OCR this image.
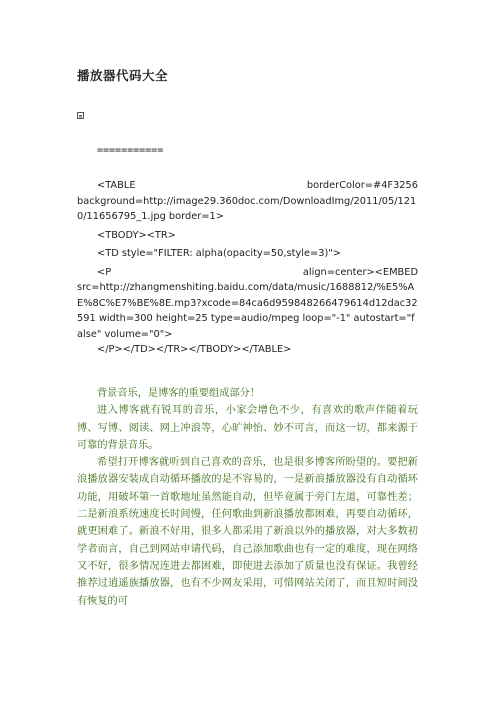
播放器代码大全
===========

<TABLE	borderColor=#4F3256

background=http://image29.360doc.com/DownloadImg/2011/05/1210/11656795_1.jpg border=1>

<TBODY><TR>

<TD style="FILTER: alpha(opacity=50,style=3)">

<P	align=center><EMBED

src=http://zhangmenshiting.baidu.com/data/music/1688812/%E5%AE%8C%E7%BE%8E.mp3?xcode=84ca6d959848266479614d12dac32591 width=300 height=25 type=audio/mpeg loop="-1" autostart="false" volume="0">

</P></TD></TR></TBODY></TABLE>

背景音乐，是博客的重要组成部分！

进入博客就有锐耳的音乐，小家会增色不少，有喜欢的歌声伴随着玩博、写博、阅读、网上冲浪等，心旷神怡、妙不可言，而这一切，都来源于可靠的背景音乐。

希望打开博客就听到自己喜欢的音乐，也是很多博客所盼望的。要把新浪播放器安装成自动循环播放的是不容易的，一是新浪播放器没有自动循环功能，用破坏第一首歌地址虽然能自动，但毕竟属于旁门左道，可靠性差；二是新浪系统速度长时间慢，任何歌曲到新浪播放都困难，再要自动循环，就更困难了。新浪不好用，很多人都采用了新浪以外的播放器，对大多数初学者而言，自己到网站申请代码，自己添加歌曲也有一定的难度，现在网络又不好，很多情况连进去都困难，即使进去添加了质量也没有保证。我曾经推荐过逍遥族播放器，也有不少网友采用，可惜网站关闭了，而且短时间没有恢复的可
